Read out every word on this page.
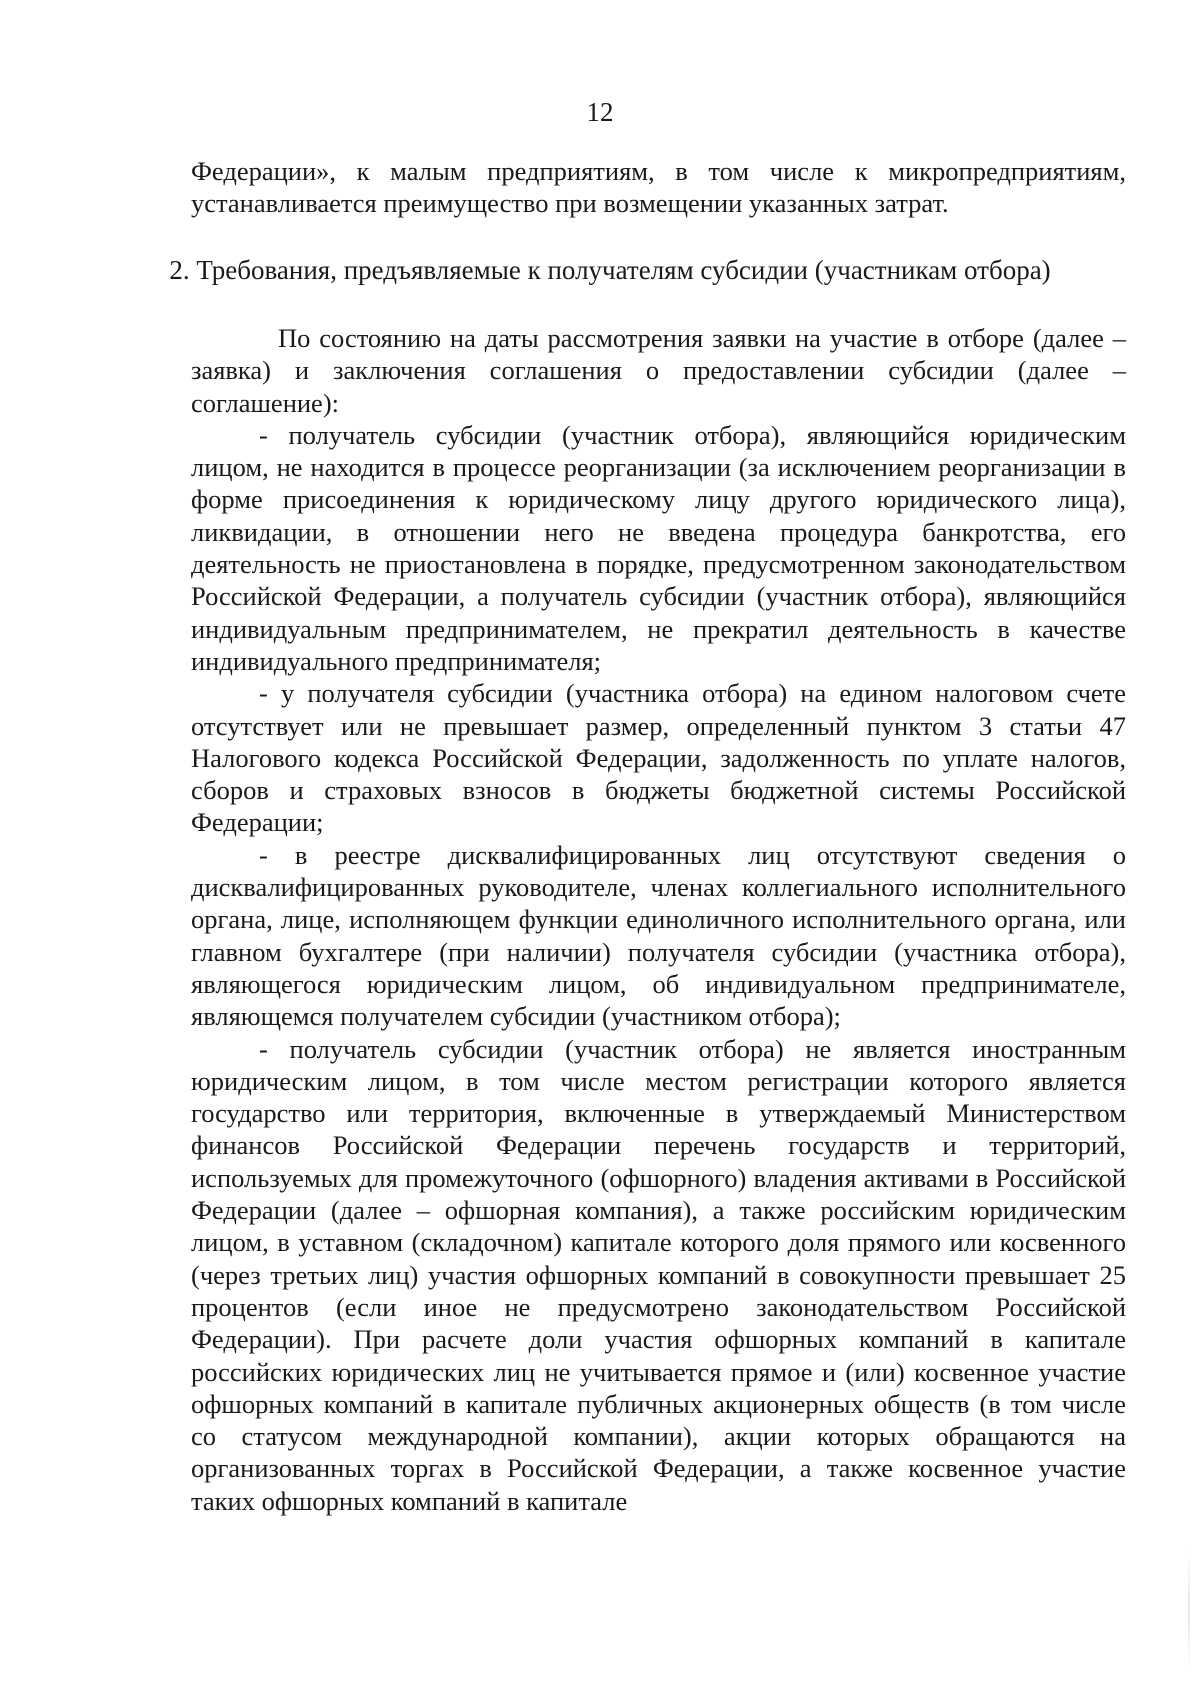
12
Федерации», к малым предприятиям, в том числе к микропредприятиям, устанавливается преимущество при возмещении указанных затрат.
2. Требования, предъявляемые к получателям субсидии (участникам отбора)

По состоянию на даты рассмотрения заявки на участие в отборе (далее – заявка) и заключения соглашения о предоставлении субсидии (далее – соглашение):

- получатель субсидии (участник отбора), являющийся юридическим лицом, не находится в процессе реорганизации (за исключением реорганизации в форме присоединения к юридическому лицу другого юридического лица), ликвидации, в отношении него не введена процедура банкротства, его деятельность не приостановлена в порядке, предусмотренном законодательством Российской Федерации, а получатель субсидии (участник отбора), являющийся индивидуальным предпринимателем, не прекратил деятельность в качестве индивидуального предпринимателя;

- у получателя субсидии (участника отбора) на едином налоговом счете отсутствует или не превышает размер, определенный пунктом 3 статьи 47 Налогового кодекса Российской Федерации, задолженность по уплате налогов, сборов и страховых взносов в бюджеты бюджетной системы Российской Федерации;

- в реестре дисквалифицированных лиц отсутствуют сведения о дисквалифицированных руководителе, членах коллегиального исполнительного органа, лице, исполняющем функции единоличного исполнительного органа, или главном бухгалтере (при наличии) получателя субсидии (участника отбора), являющегося юридическим лицом, об индивидуальном предпринимателе, являющемся получателем субсидии (участником отбора);

- получатель субсидии (участник отбора) не является иностранным юридическим лицом, в том числе местом регистрации которого является государство или территория, включенные в утверждаемый Министерством финансов Российской Федерации перечень государств и территорий, используемых для промежуточного (офшорного) владения активами в Российской Федерации (далее – офшорная компания), а также российским юридическим лицом, в уставном (складочном) капитале которого доля прямого или косвенного (через третьих лиц) участия офшорных компаний в совокупности превышает 25 процентов (если иное не предусмотрено законодательством Российской Федерации). При расчете доли участия офшорных компаний в капитале российских юридических лиц не учитывается прямое и (или) косвенное участие офшорных компаний в капитале публичных акционерных обществ (в том числе со статусом международной компании), акции которых обращаются на организованных торгах в Российской Федерации, а также косвенное участие таких офшорных компаний в капитале
